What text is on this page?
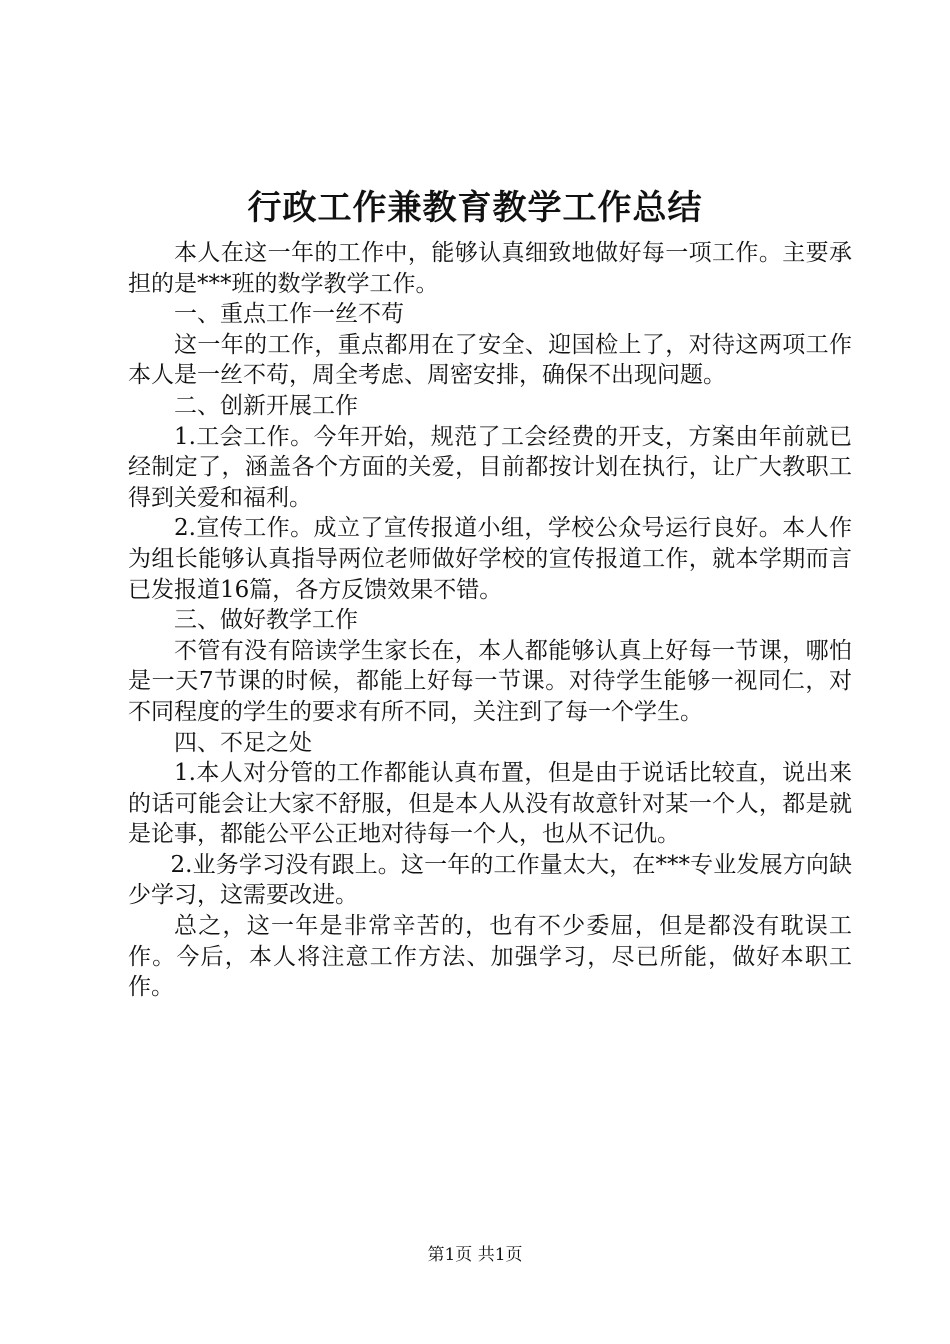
行政工作兼教育教学工作总结

本人在这一年的工作中，能够认真细致地做好每一项工作。主要承担的是***班的数学教学工作。

一、重点工作一丝不苟

这一年的工作，重点都用在了安全、迎国检上了，对待这两项工作本人是一丝不苟，周全考虑、周密安排，确保不出现问题。

二、创新开展工作

1.工会工作。今年开始，规范了工会经费的开支，方案由年前就已经制定了，涵盖各个方面的关爱，目前都按计划在执行，让广大教职工得到关爱和福利。

2.宣传工作。成立了宣传报道小组，学校公众号运行良好。本人作为组长能够认真指导两位老师做好学校的宣传报道工作，就本学期而言已发报道16篇，各方反馈效果不错。

三、做好教学工作

不管有没有陪读学生家长在，本人都能够认真上好每一节课，哪怕是一天7节课的时候，都能上好每一节课。对待学生能够一视同仁，对不同程度的学生的要求有所不同，关注到了每一个学生。

四、不足之处

1.本人对分管的工作都能认真布置，但是由于说话比较直，说出来的话可能会让大家不舒服，但是本人从没有故意针对某一个人，都是就是论事，都能公平公正地对待每一个人，也从不记仇。

2.业务学习没有跟上。这一年的工作量太大，在***专业发展方向缺少学习，这需要改进。

总之，这一年是非常辛苦的，也有不少委屈，但是都没有耽误工作。今后，本人将注意工作方法、加强学习，尽已所能，做好本职工作。

第1页 共1页
